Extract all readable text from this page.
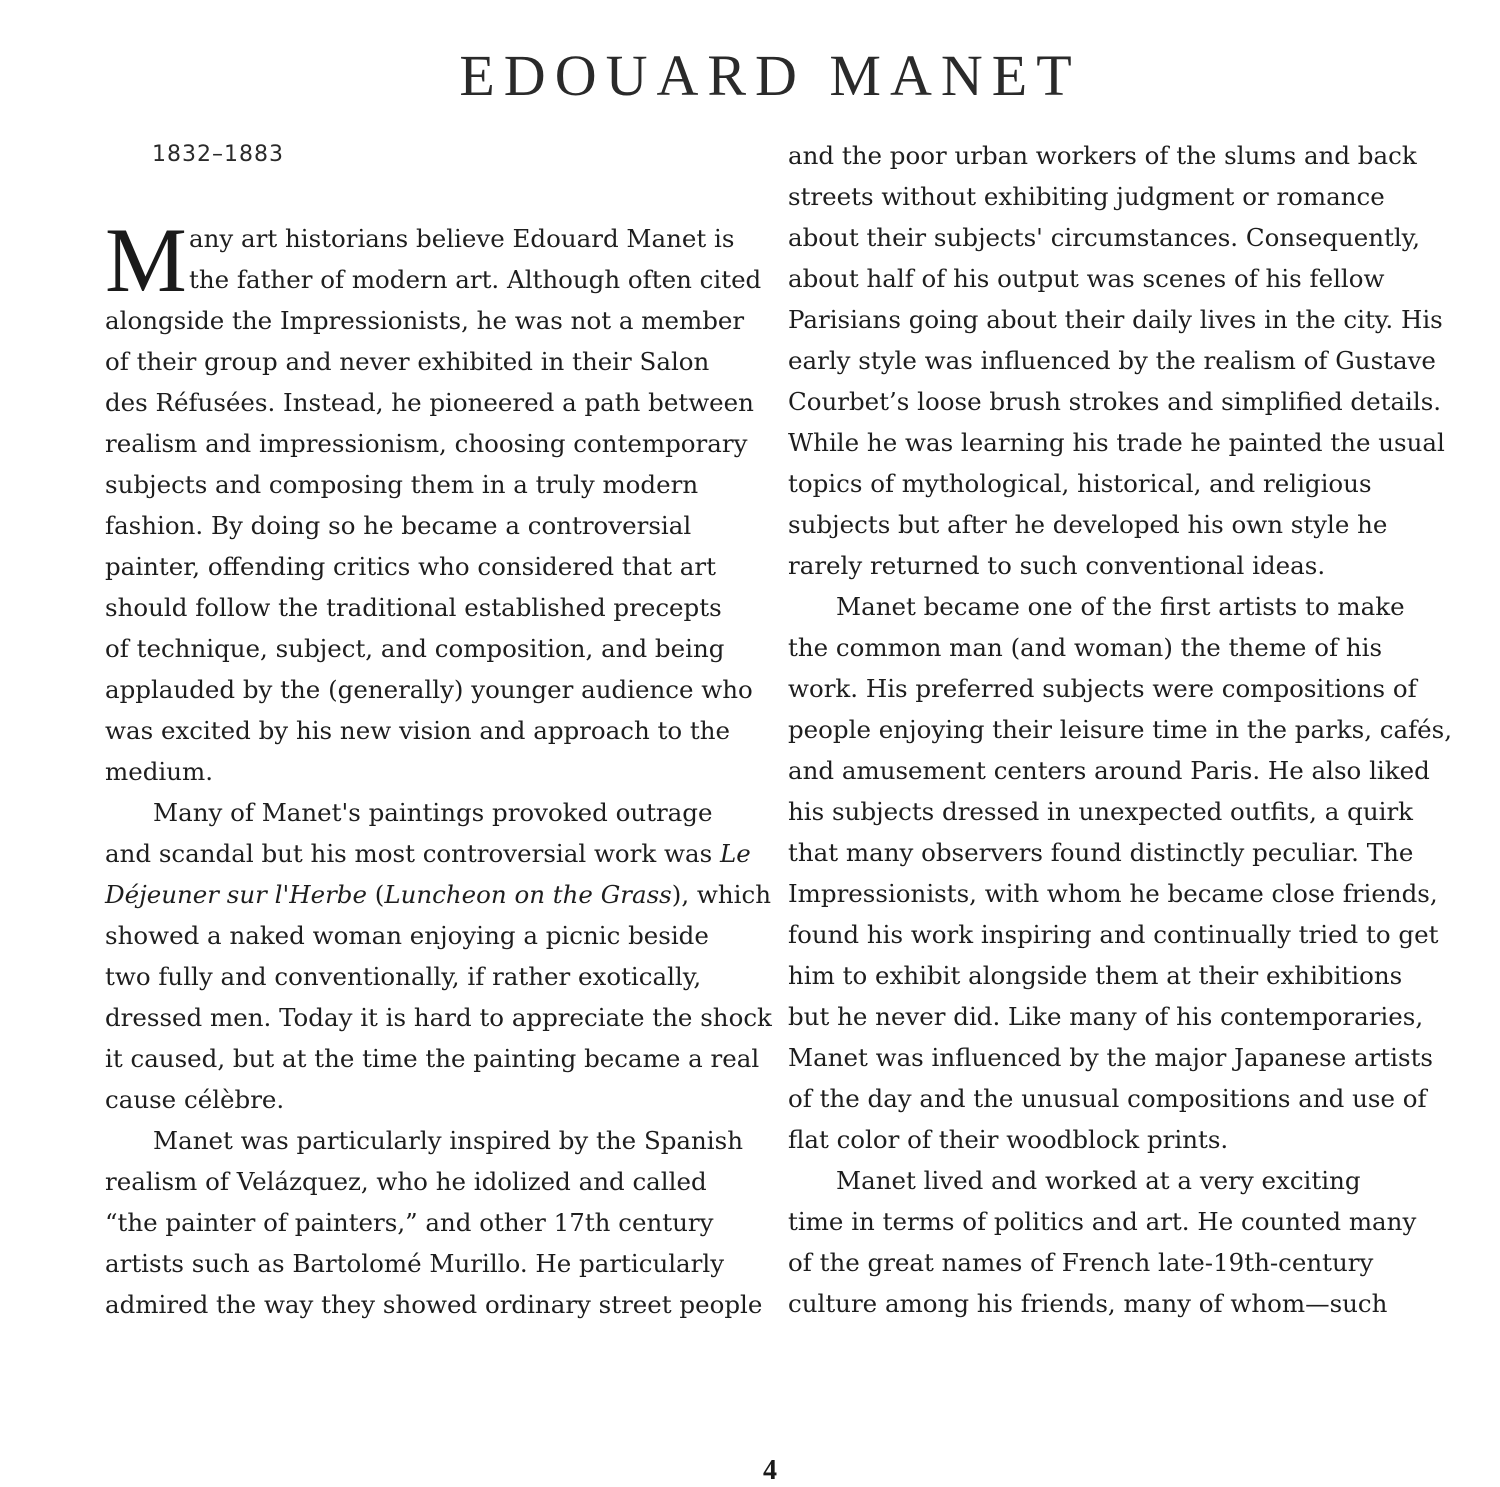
EDOUARD MANET
1832–1883
M any art historians believe Edouard Manet is
the father of modern art. Although often cited
alongside the Impressionists, he was not a member
of their group and never exhibited in their Salon
des Réfusées. Instead, he pioneered a path between
realism and impressionism, choosing contemporary
subjects and composing them in a truly modern
fashion. By doing so he became a controversial
painter, offending critics who considered that art
should follow the traditional established precepts
of technique, subject, and composition, and being
applauded by the (generally) younger audience who
was excited by his new vision and approach to the
medium.
Many of Manet's paintings provoked outrage
and scandal but his most controversial work was Le
Déjeuner sur l'Herbe (Luncheon on the Grass), which
showed a naked woman enjoying a picnic beside
two fully and conventionally, if rather exotically,
dressed men. Today it is hard to appreciate the shock
it caused, but at the time the painting became a real
cause célèbre.
Manet was particularly inspired by the Spanish
realism of Velázquez, who he idolized and called
“the painter of painters,” and other 17th century
artists such as Bartolomé Murillo. He particularly
admired the way they showed ordinary street people
and the poor urban workers of the slums and back
streets without exhibiting judgment or romance
about their subjects' circumstances. Consequently,
about half of his output was scenes of his fellow
Parisians going about their daily lives in the city. His
early style was influenced by the realism of Gustave
Courbet’s loose brush strokes and simplified details.
While he was learning his trade he painted the usual
topics of mythological, historical, and religious
subjects but after he developed his own style he
rarely returned to such conventional ideas.
Manet became one of the first artists to make
the common man (and woman) the theme of his
work. His preferred subjects were compositions of
people enjoying their leisure time in the parks, cafés,
and amusement centers around Paris. He also liked
his subjects dressed in unexpected outfits, a quirk
that many observers found distinctly peculiar. The
Impressionists, with whom he became close friends,
found his work inspiring and continually tried to get
him to exhibit alongside them at their exhibitions
but he never did. Like many of his contemporaries,
Manet was influenced by the major Japanese artists
of the day and the unusual compositions and use of
flat color of their woodblock prints.
Manet lived and worked at a very exciting
time in terms of politics and art. He counted many
of the great names of French late-19th-century
culture among his friends, many of whom—such
4
